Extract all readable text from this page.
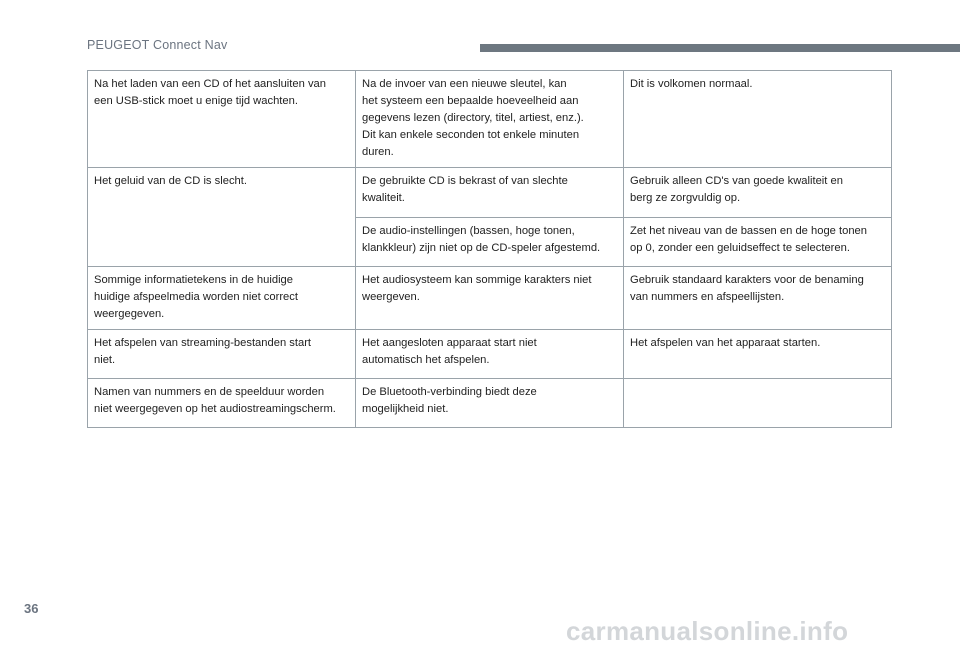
PEUGEOT Connect Nav
Na het laden van een CD of het aansluiten van
een USB-stick moet u enige tijd wachten.	Na de invoer van een nieuwe sleutel, kan
het systeem een bepaalde hoeveelheid aan
gegevens lezen (directory, titel, artiest, enz.).
Dit kan enkele seconden tot enkele minuten
duren.	Dit is volkomen normaal.

Het geluid van de CD is slecht.	De gebruikte CD is bekrast of van slechte
kwaliteit.	Gebruik alleen CD's van goede kwaliteit en
berg ze zorgvuldig op.

	De audio-instellingen (bassen, hoge tonen,
klankkleur) zijn niet op de CD-speler afgestemd.	Zet het niveau van de bassen en de hoge tonen
op 0, zonder een geluidseffect te selecteren.

Sommige informatietekens in de huidige
huidige afspeelmedia worden niet correct
weergegeven.	Het audiosysteem kan sommige karakters niet
weergeven.	Gebruik standaard karakters voor de benaming
van nummers en afspeellijsten.

Het afspelen van streaming-bestanden start
niet.	Het aangesloten apparaat start niet
automatisch het afspelen.	Het afspelen van het apparaat starten.

Namen van nummers en de speelduur worden
niet weergegeven op het audiostreamingscherm.	De Bluetooth-verbinding biedt deze
mogelijkheid niet.	

36
carmanualsonline.info
